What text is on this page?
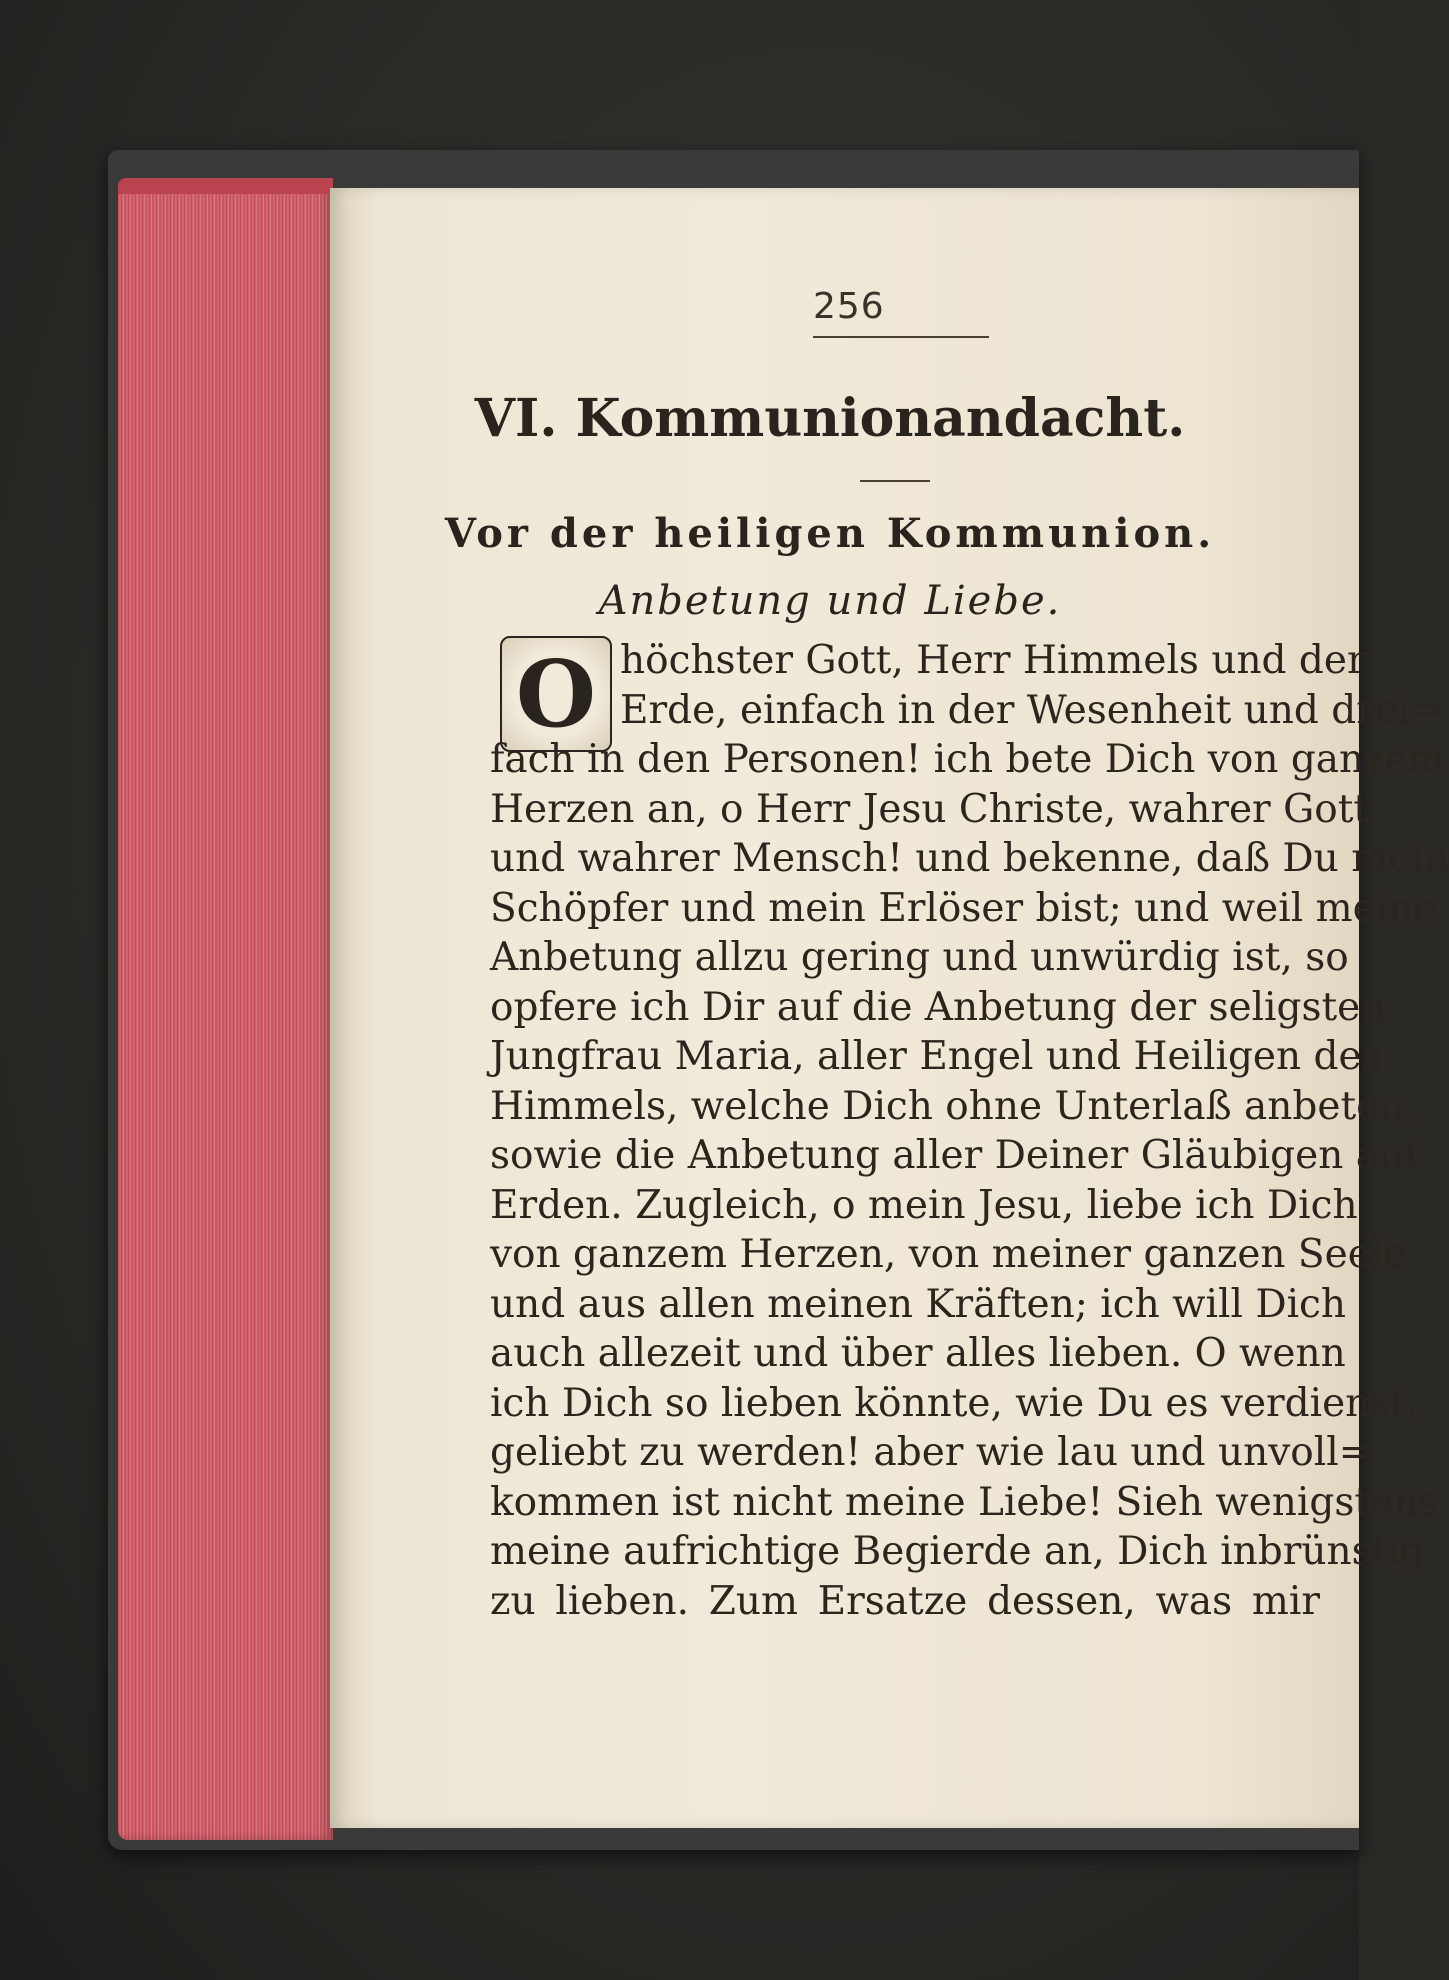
256
VI. Kommunionandacht.
Vor der heiligen Kommunion.
Anbetung und Liebe.
O höchster Gott, Herr Himmels und der
Erde, einfach in der Wesenheit und drei=
fach in den Personen! ich bete Dich von ganzem
Herzen an, o Herr Jesu Christe, wahrer Gott
und wahrer Mensch! und bekenne, daß Du mein
Schöpfer und mein Erlöser bist; und weil meine
Anbetung allzu gering und unwürdig ist, so
opfere ich Dir auf die Anbetung der seligsten
Jungfrau Maria, aller Engel und Heiligen des
Himmels, welche Dich ohne Unterlaß anbeten,
sowie die Anbetung aller Deiner Gläubigen auf
Erden. Zugleich, o mein Jesu, liebe ich Dich
von ganzem Herzen, von meiner ganzen Seele
und aus allen meinen Kräften; ich will Dich
auch allezeit und über alles lieben. O wenn
ich Dich so lieben könnte, wie Du es verdienst,
geliebt zu werden! aber wie lau und unvoll=
kommen ist nicht meine Liebe! Sieh wenigstens
meine aufrichtige Begierde an, Dich inbrünstig
zu lieben. Zum Ersatze dessen, was mir
